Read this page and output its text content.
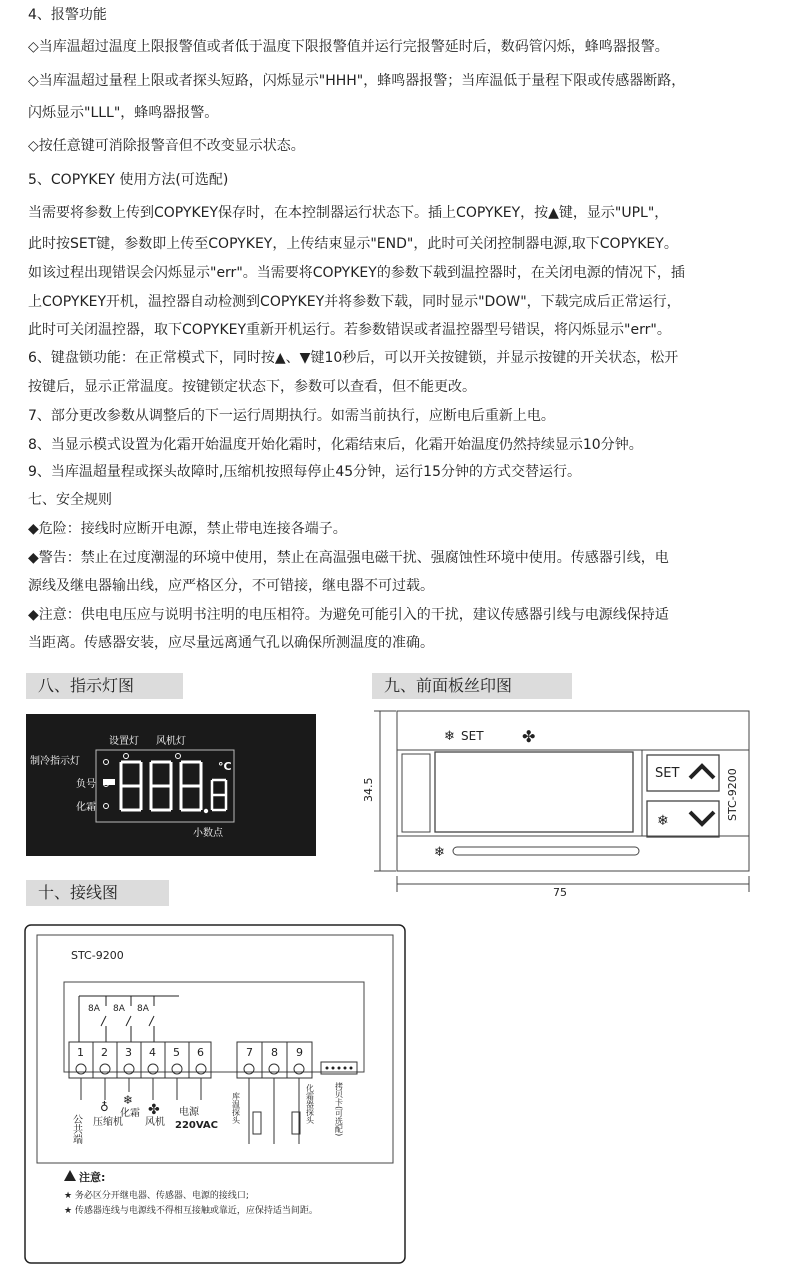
4、报警功能
◇当库温超过温度上限报警值或者低于温度下限报警值并运行完报警延时后，数码管闪烁，蜂鸣器报警。
◇当库温超过量程上限或者探头短路，闪烁显示"HHH"，蜂鸣器报警；当库温低于量程下限或传感器断路，
闪烁显示"LLL"，蜂鸣器报警。
◇按任意键可消除报警音但不改变显示状态。
5、COPYKEY 使用方法(可选配)
当需要将参数上传到COPYKEY保存时，在本控制器运行状态下。插上COPYKEY，按▲键，显示"UPL"，
此时按SET键，参数即上传至COPYKEY，上传结束显示"END"，此时可关闭控制器电源,取下COPYKEY。
如该过程出现错误会闪烁显示"err"。当需要将COPYKEY的参数下载到温控器时，在关闭电源的情况下，插
上COPYKEY开机，温控器自动检测到COPYKEY并将参数下载，同时显示"DOW"，下载完成后正常运行，
此时可关闭温控器，取下COPYKEY重新开机运行。若参数错误或者温控器型号错误，将闪烁显示"err"。
6、键盘锁功能：在正常模式下，同时按▲、▼键10秒后，可以开关按键锁，并显示按键的开关状态，松开
按键后，显示正常温度。按键锁定状态下，参数可以查看，但不能更改。
7、部分更改参数从调整后的下一运行周期执行。如需当前执行，应断电后重新上电。
8、当显示模式设置为化霜开始温度开始化霜时，化霜结束后，化霜开始温度仍然持续显示10分钟。
9、当库温超量程或探头故障时,压缩机按照每停止45分钟，运行15分钟的方式交替运行。
七、安全规则
◆危险：接线时应断开电源，禁止带电连接各端子。
◆警告：禁止在过度潮湿的环境中使用，禁止在高温强电磁干扰、强腐蚀性环境中使用。传感器引线，电
源线及继电器输出线，应严格区分，不可错接，继电器不可过载。
◆注意：供电电压应与说明书注明的电压相符。为避免可能引入的干扰，建议传感器引线与电源线保持适
当距离。传感器安装，应尽量远离通气孔以确保所测温度的准确。
八、指示灯图	九、前面板丝印图
十、接线图
设置灯 风机灯
制冷指示灯
负号
化霜
小数点
°C
❄ SET ✤
SET
❄	STC-9200
❄
34.5
75
STC-9200
8A 8A 8A
1 2 3 4 5 6	7 8 9
公共端
♁
压缩机
❄
化霜 ✤
风机
电源
220VAC
库温探头	化霜器探头	拷贝卡(可选配)
注意:
★ 务必区分开继电器、传感器、电源的接线口;
★ 传感器连线与电源线不得相互接触或靠近，应保持适当间距。
